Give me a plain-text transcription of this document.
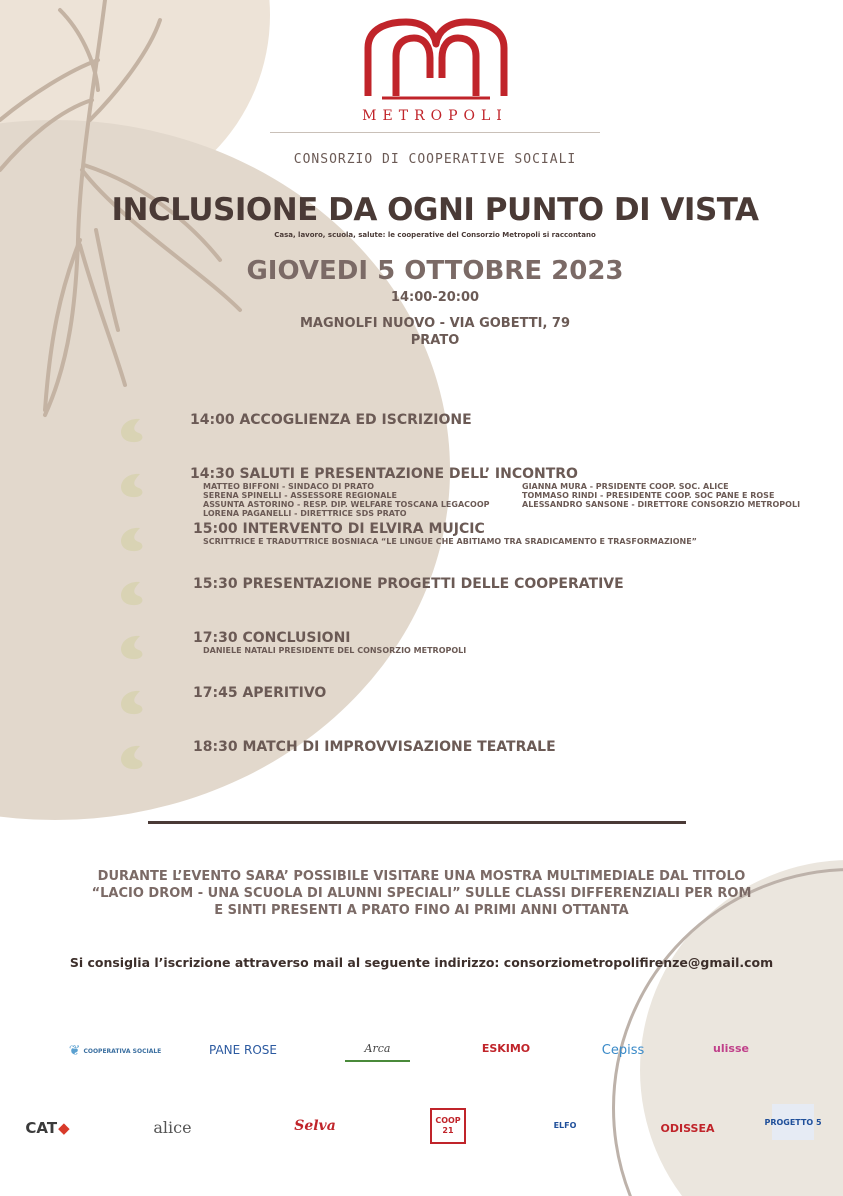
METROPOLI
CONSORZIO DI COOPERATIVE SOCIALI
INCLUSIONE DA OGNI PUNTO DI VISTA
Casa, lavoro, scuola, salute: le cooperative del Consorzio Metropoli si raccontano
GIOVEDI 5 OTTOBRE 2023
14:00-20:00
MAGNOLFI NUOVO - VIA GOBETTI, 79
PRATO
14:00 ACCOGLIENZA ED ISCRIZIONE
14:30 SALUTI E PRESENTAZIONE DELL’ INCONTRO
MATTEO BIFFONI - SINDACO DI PRATO
SERENA SPINELLI - ASSESSORE REGIONALE
ASSUNTA ASTORINO - RESP. DIP. WELFARE TOSCANA LEGACOOP
LORENA PAGANELLI - DIRETTRICE SDS PRATO
GIANNA MURA - PRSIDENTE COOP. SOC. ALICE
TOMMASO RINDI - PRESIDENTE COOP. SOC PANE E ROSE
ALESSANDRO SANSONE - DIRETTORE CONSORZIO METROPOLI
15:00 INTERVENTO DI ELVIRA MUJCIC
SCRITTRICE E TRADUTTRICE BOSNIACA “LE LINGUE CHE ABITIAMO TRA SRADICAMENTO E TRASFORMAZIONE”
15:30 PRESENTAZIONE PROGETTI DELLE COOPERATIVE
17:30 CONCLUSIONI
DANIELE NATALI PRESIDENTE DEL CONSORZIO METROPOLI
17:45 APERITIVO
18:30 MATCH DI IMPROVVISAZIONE TEATRALE
DURANTE L’EVENTO SARA’ POSSIBILE VISITARE UNA MOSTRA MULTIMEDIALE DAL TITOLO
“LACIO DROM - UNA SCUOLA DI ALUNNI SPECIALI” SULLE CLASSI DIFFERENZIALI PER ROM
E SINTI PRESENTI A PRATO FINO AI PRIMI ANNI OTTANTA
Si consiglia l’iscrizione attraverso mail al seguente indirizzo: consorziometropolifirenze@gmail.com
❦ COOPERATIVA SOCIALE	PANE ROSE	Arca	ESKIMO	Cepiss	ulisse
CAT ◆	alice	Selva	COOP 21
ELFO	ODISSEA	PROGETTO 5
